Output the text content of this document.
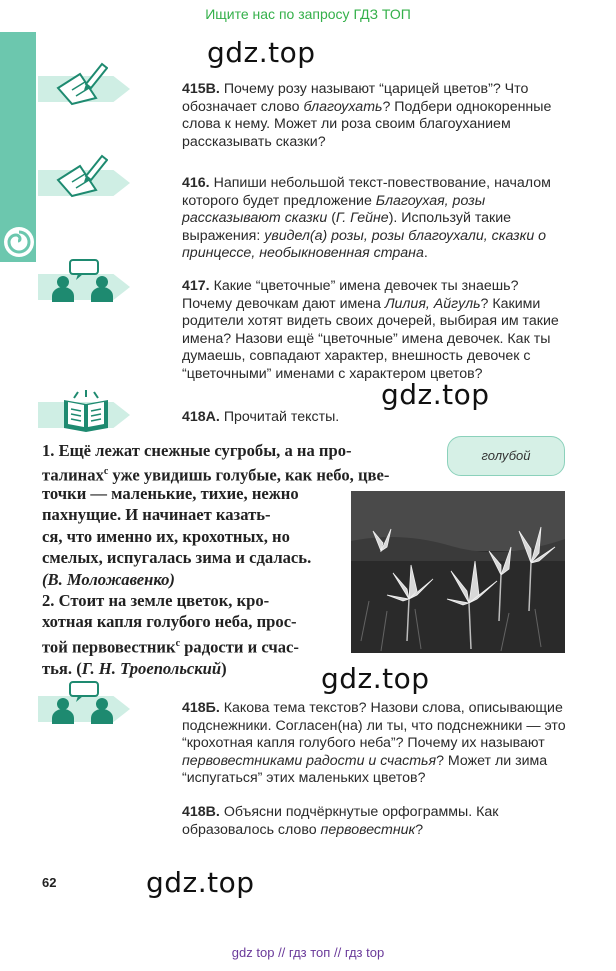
Ищите нас по запросу ГДЗ ТОП
gdz.top
gdz.top
gdz.top
gdz.top
415В. Почему розу называют “царицей цветов”? Что обозначает слово благоухать? Подбери однокоренные слова к нему. Может ли роза своим благоуханием рассказывать сказки?
416. Напиши небольшой текст-повествование, началом которого будет предложение Благоухая, розы рассказывают сказки (Г. Гейне). Используй такие выражения: увидел(а) розы, розы благоухали, сказки о принцессе, необыкновенная страна.
417. Какие “цветочные” имена девочек ты знаешь? Почему девочкам дают имена Лилия, Айгуль? Какими родители хотят видеть своих дочерей, выбирая им такие имена? Назови ещё “цветочные” имена девочек. Как ты думаешь, совпадают характер, внешность девочек с “цветочными” именами с характером цветов?
418А. Прочитай тексты.
1. Ещё лежат снежные сугробы, а на про-
талинах$^с$ уже увидишь голубые, как небо, цве-
точки — маленькие, тихие, нежно
пахнущие. И начинает казать-
ся, что именно их, крохотных, но
смелых, испугалась зима и сдалась.
(В. Моложавенко)
2. Стоит на земле цветок, кро-
хотная капля голубого неба, прос-
той первовестник$^с$ радости и счас-
тья. (Г. Н. Троепольский)
голубой
418Б. Какова тема текстов? Назови слова, описывающие подснежники. Согласен(на) ли ты, что подснежники — это “крохотная капля голубого неба”? Почему их называют первовестниками радости и счастья? Может ли зима “испугаться” этих маленьких цветов?
418В. Объясни подчёркнутые орфограммы. Как образовалось слово первовестник?
62
gdz top // гдз топ // гдз top
